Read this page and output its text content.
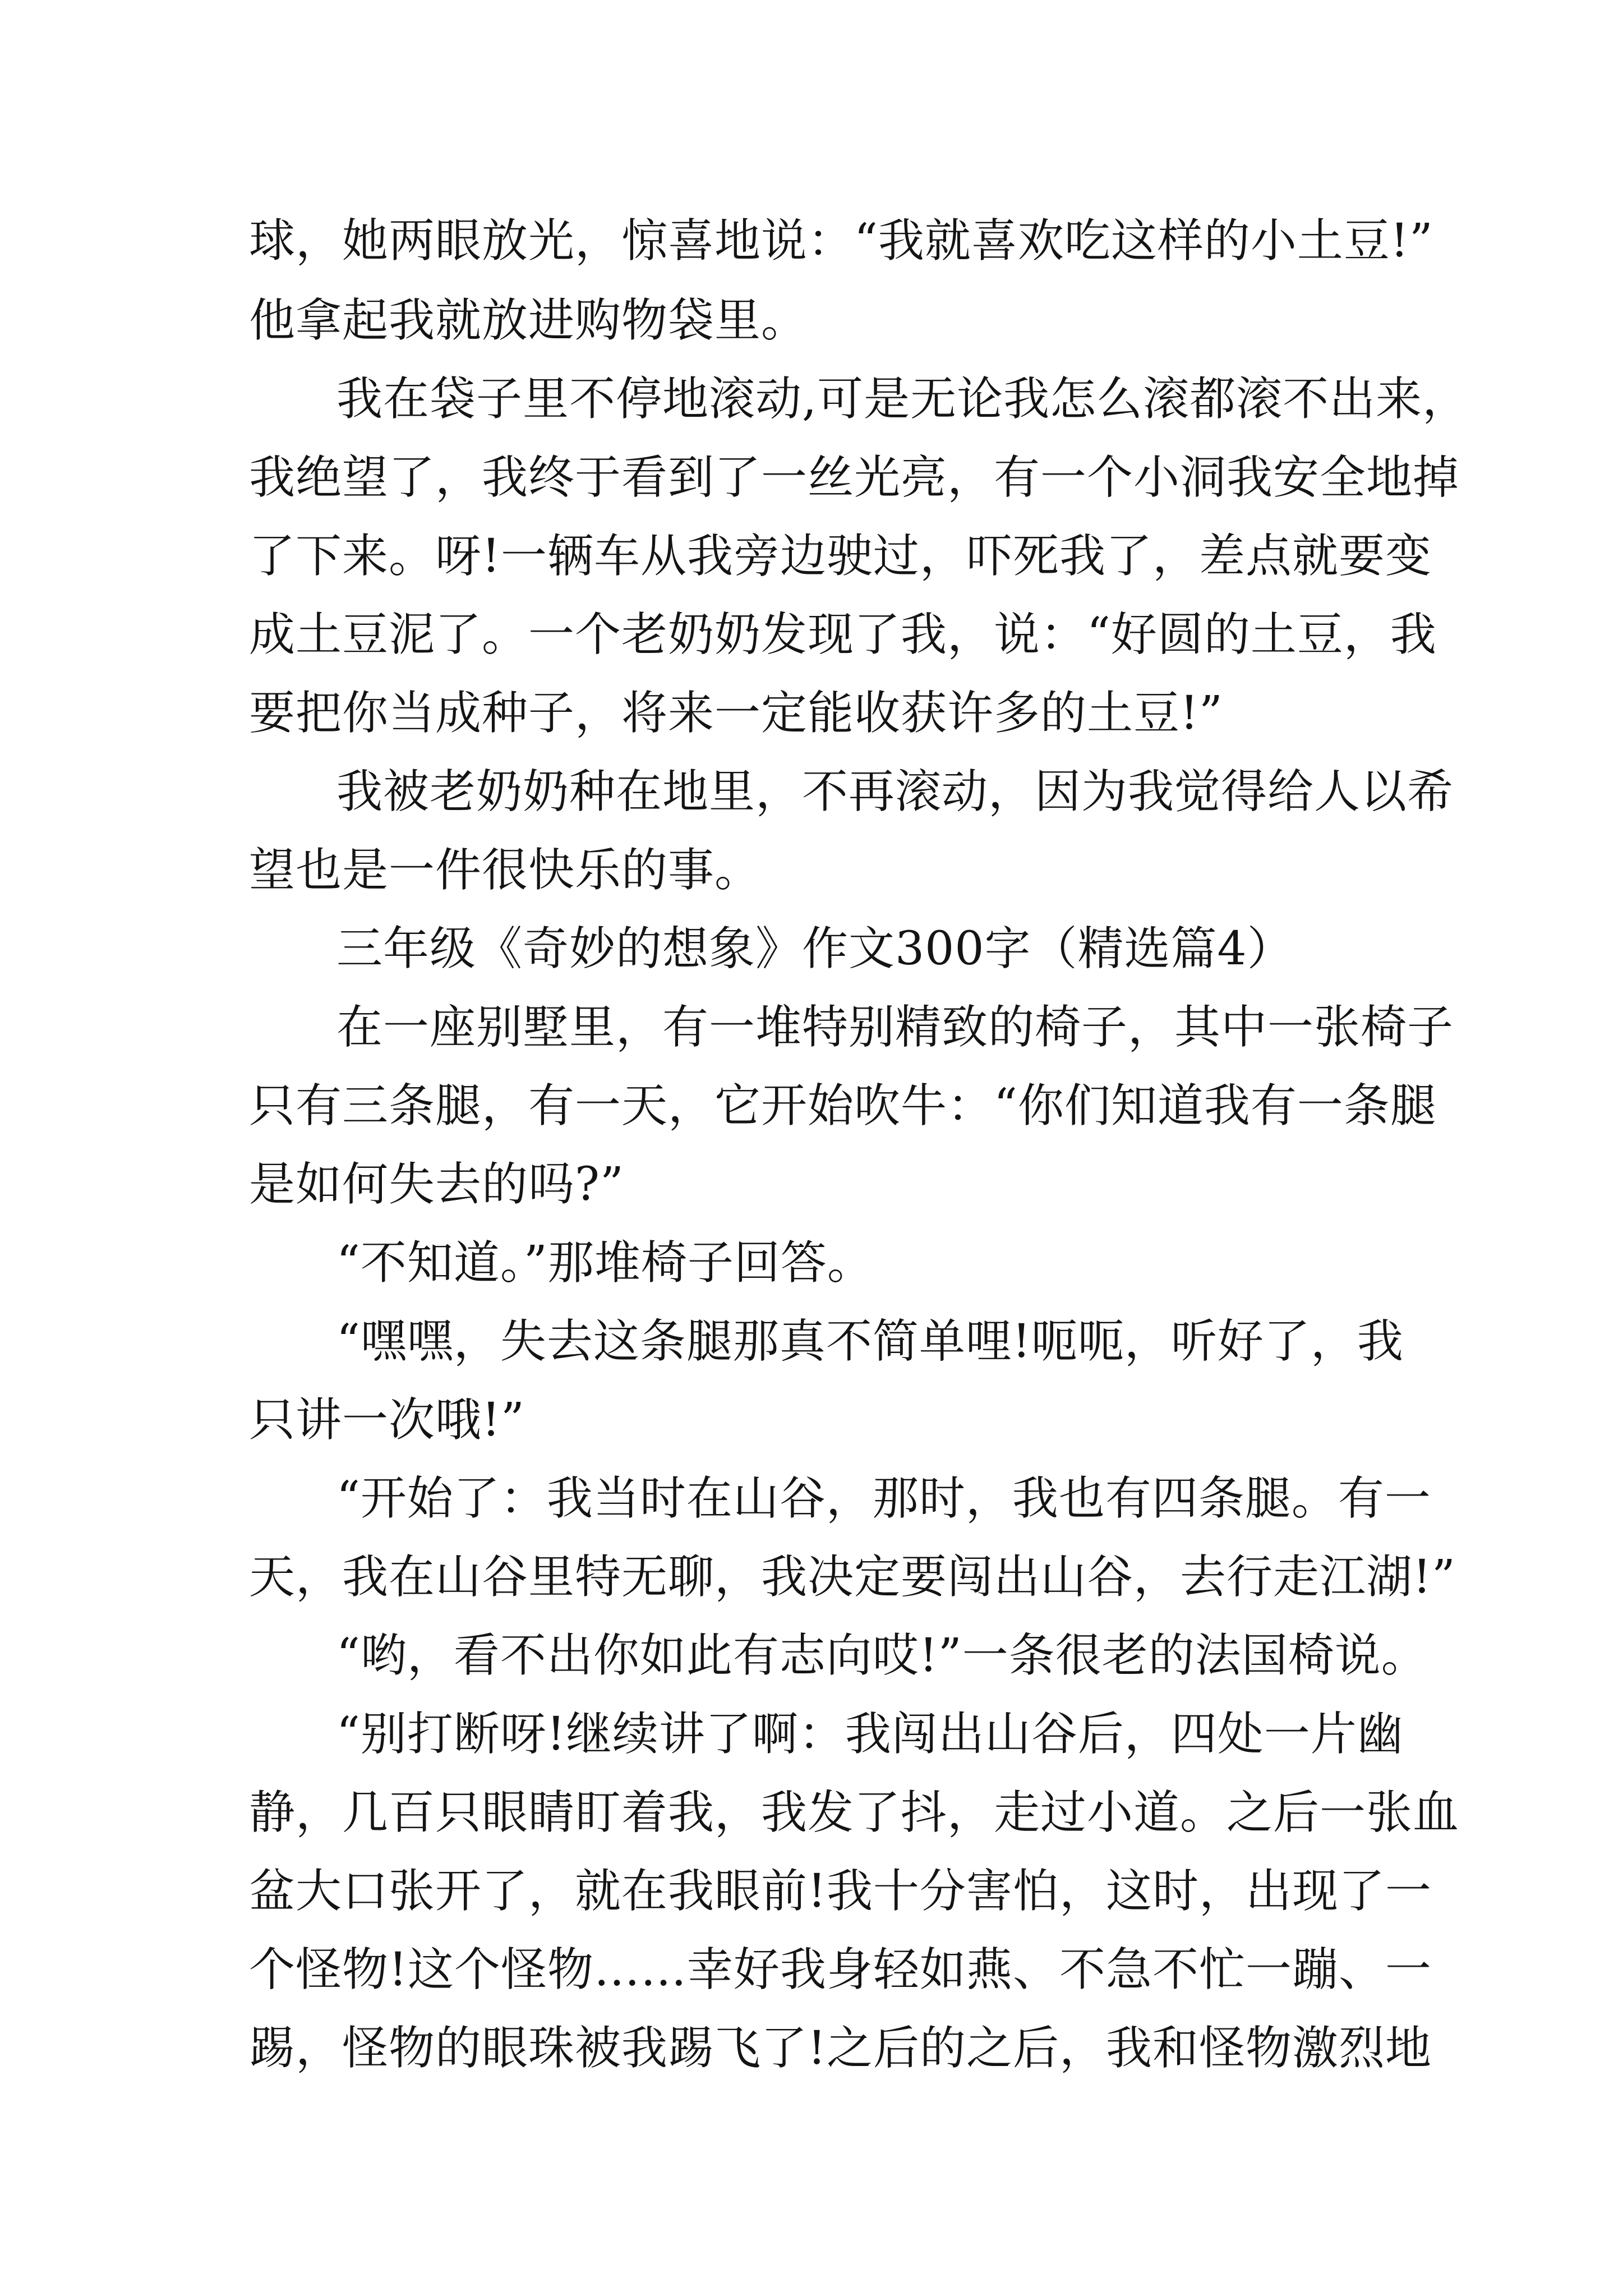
球，她两眼放光，惊喜地说：“我就喜欢吃这样的小土豆!”
他拿起我就放进购物袋里。
我在袋子里不停地滚动,可是无论我怎么滚都滚不出来，
我绝望了，我终于看到了一丝光亮，有一个小洞我安全地掉
了下来。呀!一辆车从我旁边驶过，吓死我了，差点就要变
成土豆泥了。一个老奶奶发现了我，说：“好圆的土豆，我
要把你当成种子，将来一定能收获许多的土豆!”
我被老奶奶种在地里，不再滚动，因为我觉得给人以希
望也是一件很快乐的事。
三年级《奇妙的想象》作文300字（精选篇4）
在一座别墅里，有一堆特别精致的椅子，其中一张椅子
只有三条腿，有一天，它开始吹牛：“你们知道我有一条腿
是如何失去的吗?”
“不知道。”那堆椅子回答。
“嘿嘿，失去这条腿那真不简单哩!呃呃，听好了，我
只讲一次哦!”
“开始了：我当时在山谷，那时，我也有四条腿。有一
天，我在山谷里特无聊，我决定要闯出山谷，去行走江湖!”
“哟，看不出你如此有志向哎!”一条很老的法国椅说。
“别打断呀!继续讲了啊：我闯出山谷后，四处一片幽
静，几百只眼睛盯着我，我发了抖，走过小道。之后一张血
盆大口张开了，就在我眼前!我十分害怕，这时，出现了一
个怪物!这个怪物……幸好我身轻如燕、不急不忙一蹦、一
踢，怪物的眼珠被我踢飞了!之后的之后，我和怪物激烈地
